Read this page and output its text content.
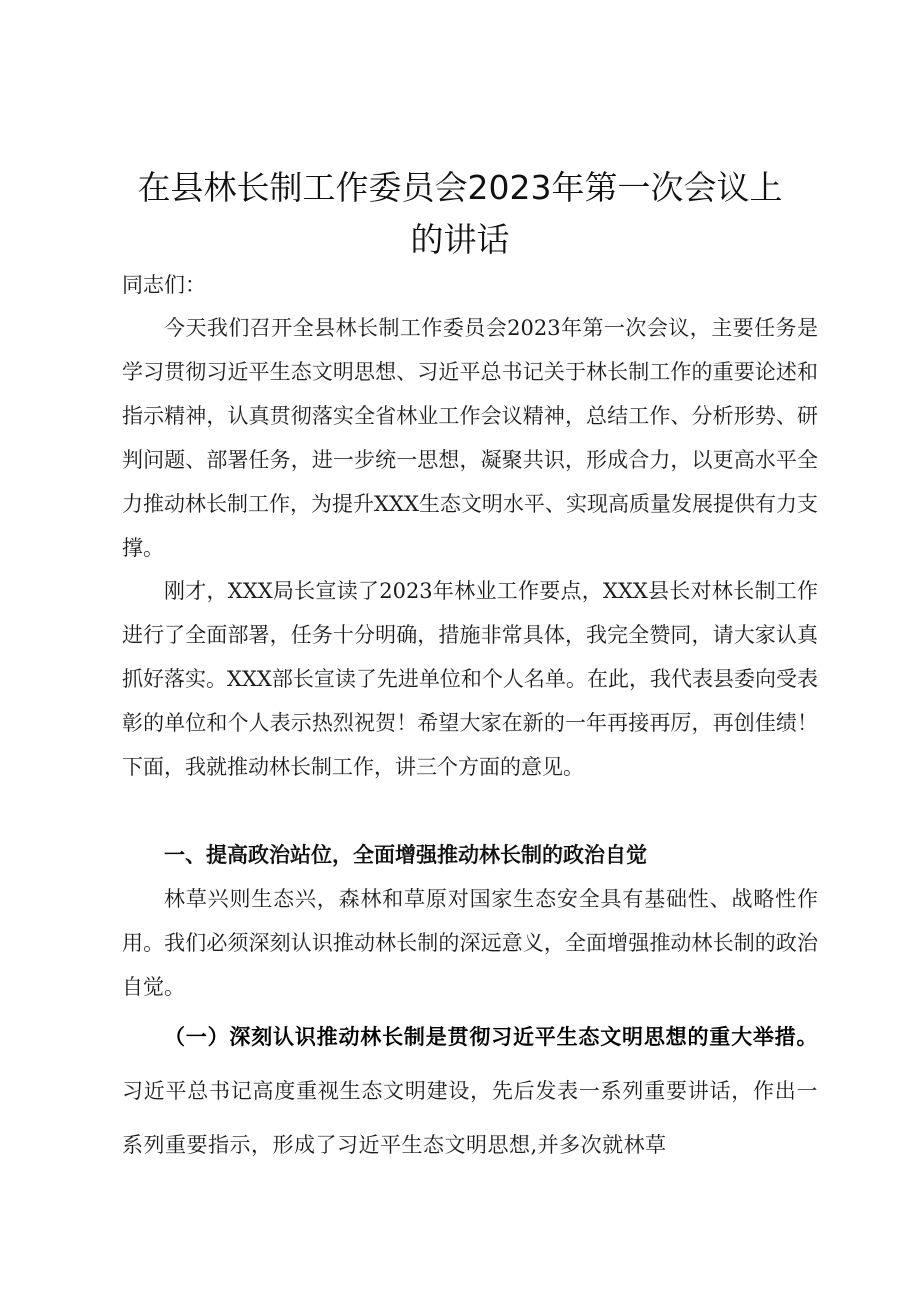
在县林长制工作委员会2023年第一次会议上
的讲话

同志们：

今天我们召开全县林长制工作委员会2023年第一次会议，主要任务是学习贯彻习近平生态文明思想、习近平总书记关于林长制工作的重要论述和指示精神，认真贯彻落实全省林业工作会议精神，总结工作、分析形势、研判问题、部署任务，进一步统一思想，凝聚共识，形成合力，以更高水平全力推动林长制工作，为提升XXX生态文明水平、实现高质量发展提供有力支撑。

刚才，XXX局长宣读了2023年林业工作要点，XXX县长对林长制工作进行了全面部署，任务十分明确，措施非常具体，我完全赞同，请大家认真抓好落实。XXX部长宣读了先进单位和个人名单。在此，我代表县委向受表彰的单位和个人表示热烈祝贺！希望大家在新的一年再接再厉，再创佳绩！下面，我就推动林长制工作，讲三个方面的意见。

一、提高政治站位，全面增强推动林长制的政治自觉

林草兴则生态兴，森林和草原对国家生态安全具有基础性、战略性作用。我们必须深刻认识推动林长制的深远意义，全面增强推动林长制的政治自觉。

（一）深刻认识推动林长制是贯彻习近平生态文明思想的重大举措。习近平总书记高度重视生态文明建设，先后发表一系列重要讲话，作出一系列重要指示，形成了习近平生态文明思想,并多次就林草
